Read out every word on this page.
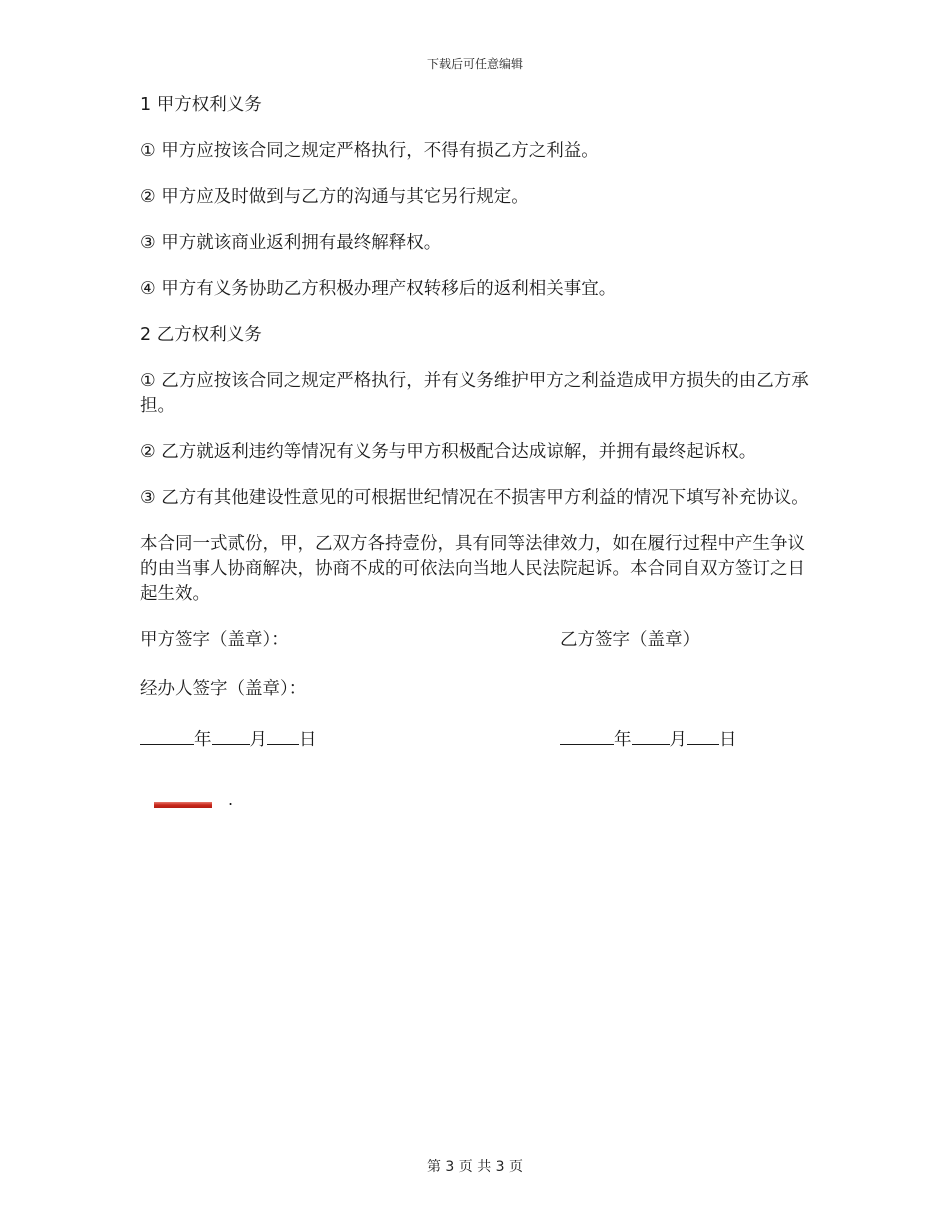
下载后可任意编辑

1 甲方权利义务

① 甲方应按该合同之规定严格执行，不得有损乙方之利益。

② 甲方应及时做到与乙方的沟通与其它另行规定。

③ 甲方就该商业返利拥有最终解释权。

④ 甲方有义务协助乙方积极办理产权转移后的返利相关事宜。

2 乙方权利义务

① 乙方应按该合同之规定严格执行，并有义务维护甲方之利益造成甲方损失的由乙方承担。

② 乙方就返利违约等情况有义务与甲方积极配合达成谅解，并拥有最终起诉权。

③ 乙方有其他建设性意见的可根据世纪情况在不损害甲方利益的情况下填写补充协议。

本合同一式贰份，甲，乙双方各持壹份，具有同等法律效力，如在履行过程中产生争议的由当事人协商解决，协商不成的可依法向当地人民法院起诉。本合同自双方签订之日起生效。

甲方签字（盖章）：	乙方签字（盖章）
经办人签字（盖章）：
年 月 日	年 月 日
.
第 3 页 共 3 页
